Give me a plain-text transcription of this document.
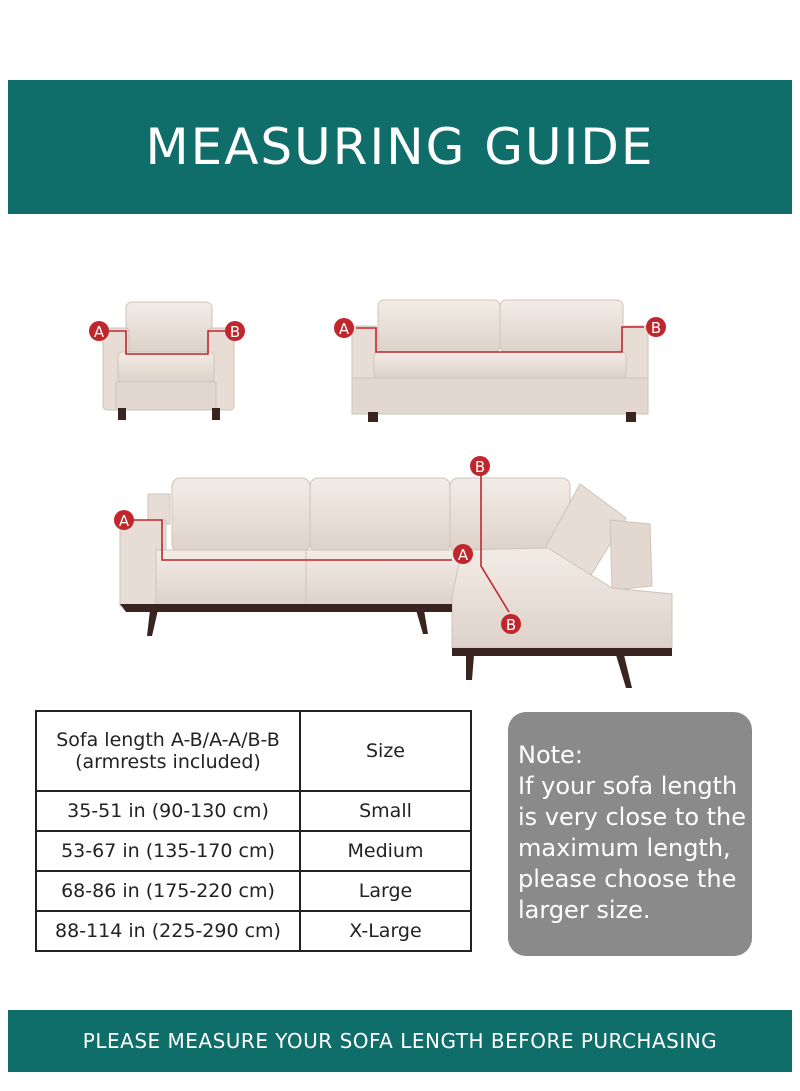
MEASURING GUIDE
A	B	A	B
A
A
B
B
Sofa length A-B/A-A/B-B
(armrests included)	Size
35-51 in (90-130 cm)	Small
53-67 in (135-170 cm)	Medium
68-86 in (175-220 cm)	Large
88-114 in (225-290 cm)	X-Large
Note:
If your sofa length
is very close to the
maximum length,
please choose the
larger size.
PLEASE MEASURE YOUR SOFA LENGTH BEFORE PURCHASING
